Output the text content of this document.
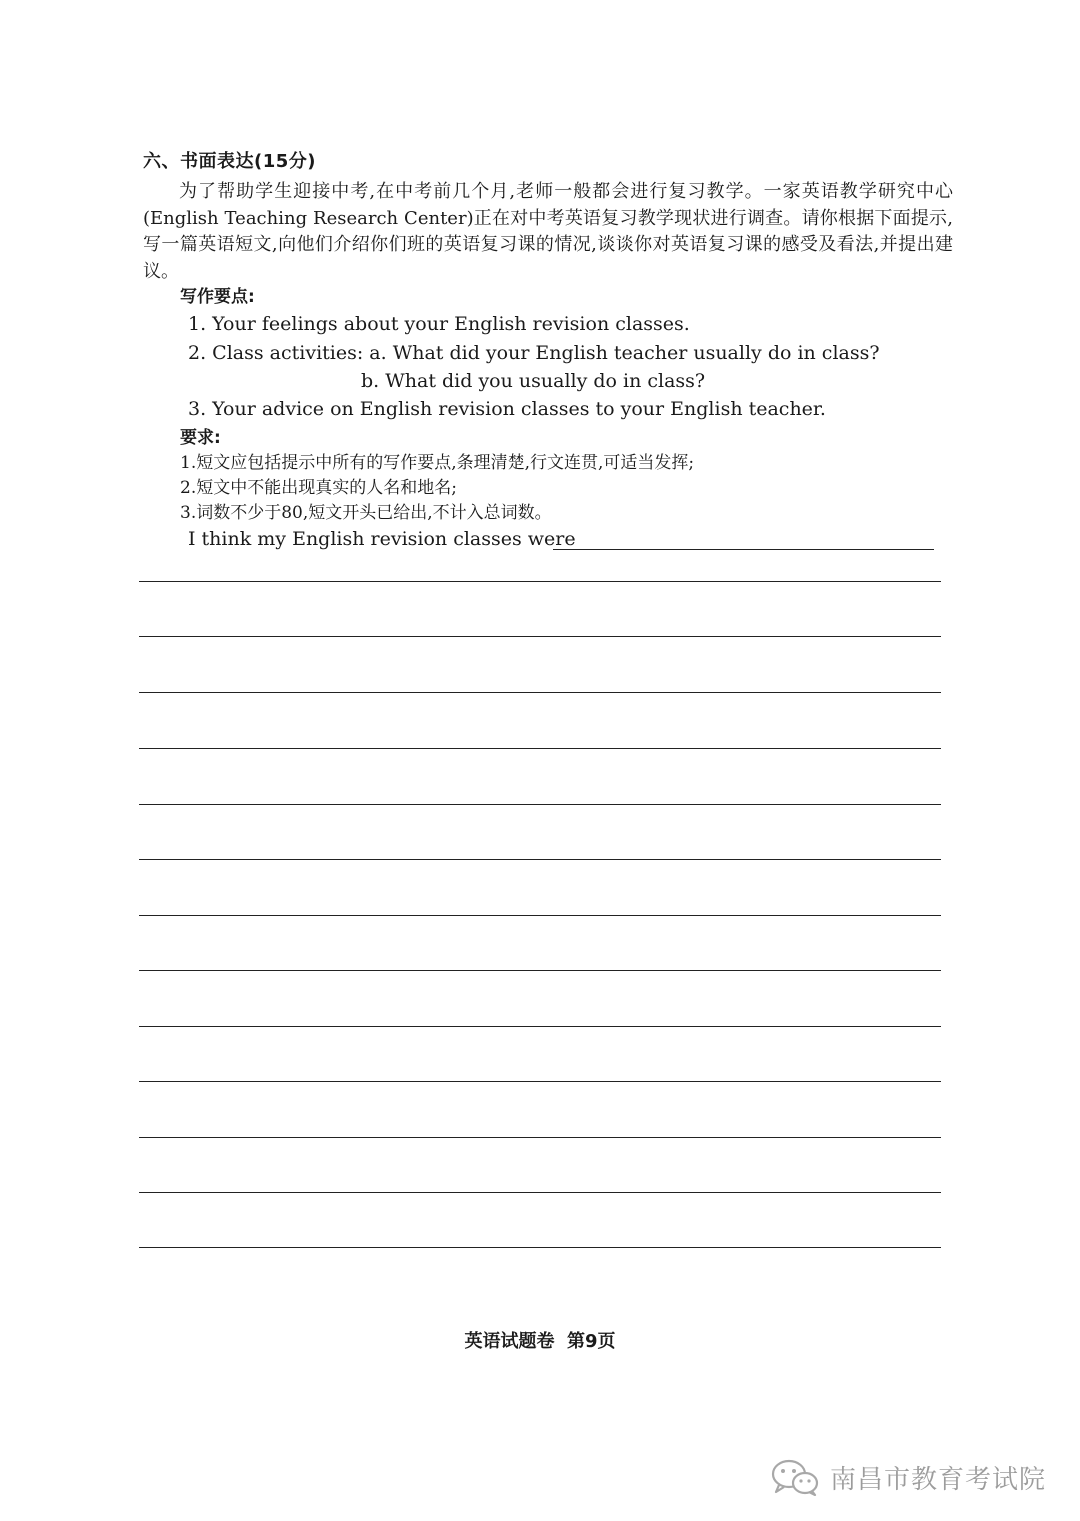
六、书面表达(15分)
为了帮助学生迎接中考,在中考前几个月,老师一般都会进行复习教学。一家英语教学研究中心(English Teaching Research Center)正在对中考英语复习教学现状进行调查。请你根据下面提示,写一篇英语短文,向他们介绍你们班的英语复习课的情况,谈谈你对英语复习课的感受及看法,并提出建议。
写作要点:
1. Your feelings about your English revision classes.
2. Class activities: a. What did your English teacher usually do in class?
b. What did you usually do in class?
3. Your advice on English revision classes to your English teacher.
要求:
1.短文应包括提示中所有的写作要点,条理清楚,行文连贯,可适当发挥;
2.短文中不能出现真实的人名和地名;
3.词数不少于80,短文开头已给出,不计入总词数。
I think my English revision classes were
英语试题卷  第9页
南昌市教育考试院
